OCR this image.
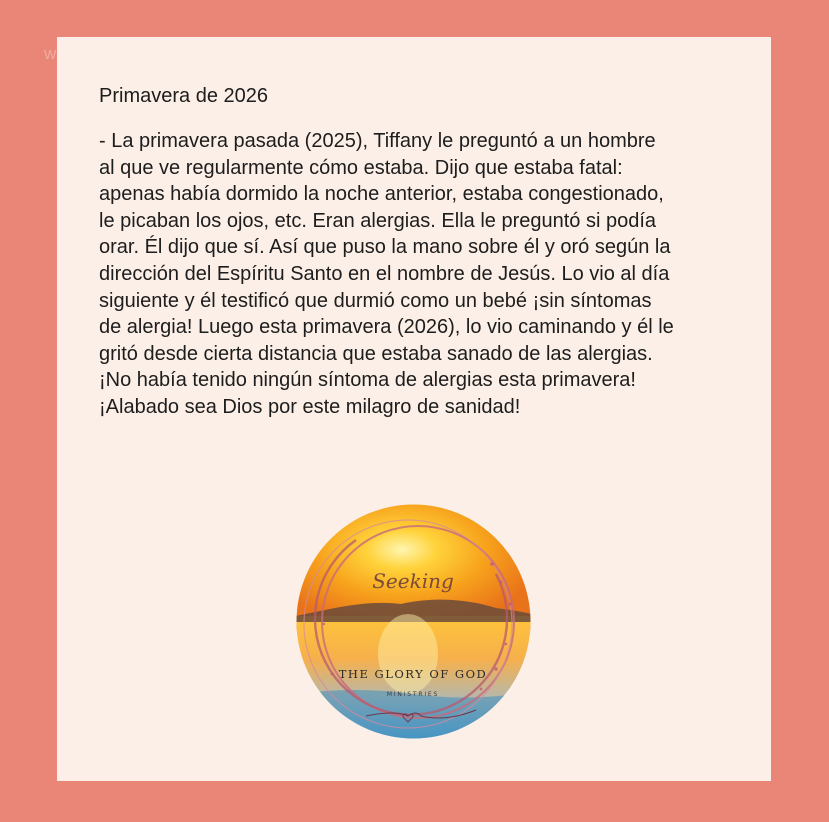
W
Primavera de 2026

- La primavera pasada (2025), Tiffany le preguntó a un hombre
al que ve regularmente cómo estaba. Dijo que estaba fatal:
apenas había dormido la noche anterior, estaba congestionado,
le picaban los ojos, etc. Eran alergias. Ella le preguntó si podía
orar. Él dijo que sí. Así que puso la mano sobre él y oró según la
dirección del Espíritu Santo en el nombre de Jesús. Lo vio al día
siguiente y él testificó que durmió como un bebé ¡sin síntomas
de alergia! Luego esta primavera (2026), lo vio caminando y él le
gritó desde cierta distancia que estaba sanado de las alergias.
¡No había tenido ningún síntoma de alergias esta primavera!
¡Alabado sea Dios por este milagro de sanidad!

Seeking
THE GLORY OF GOD
MINISTRIES
